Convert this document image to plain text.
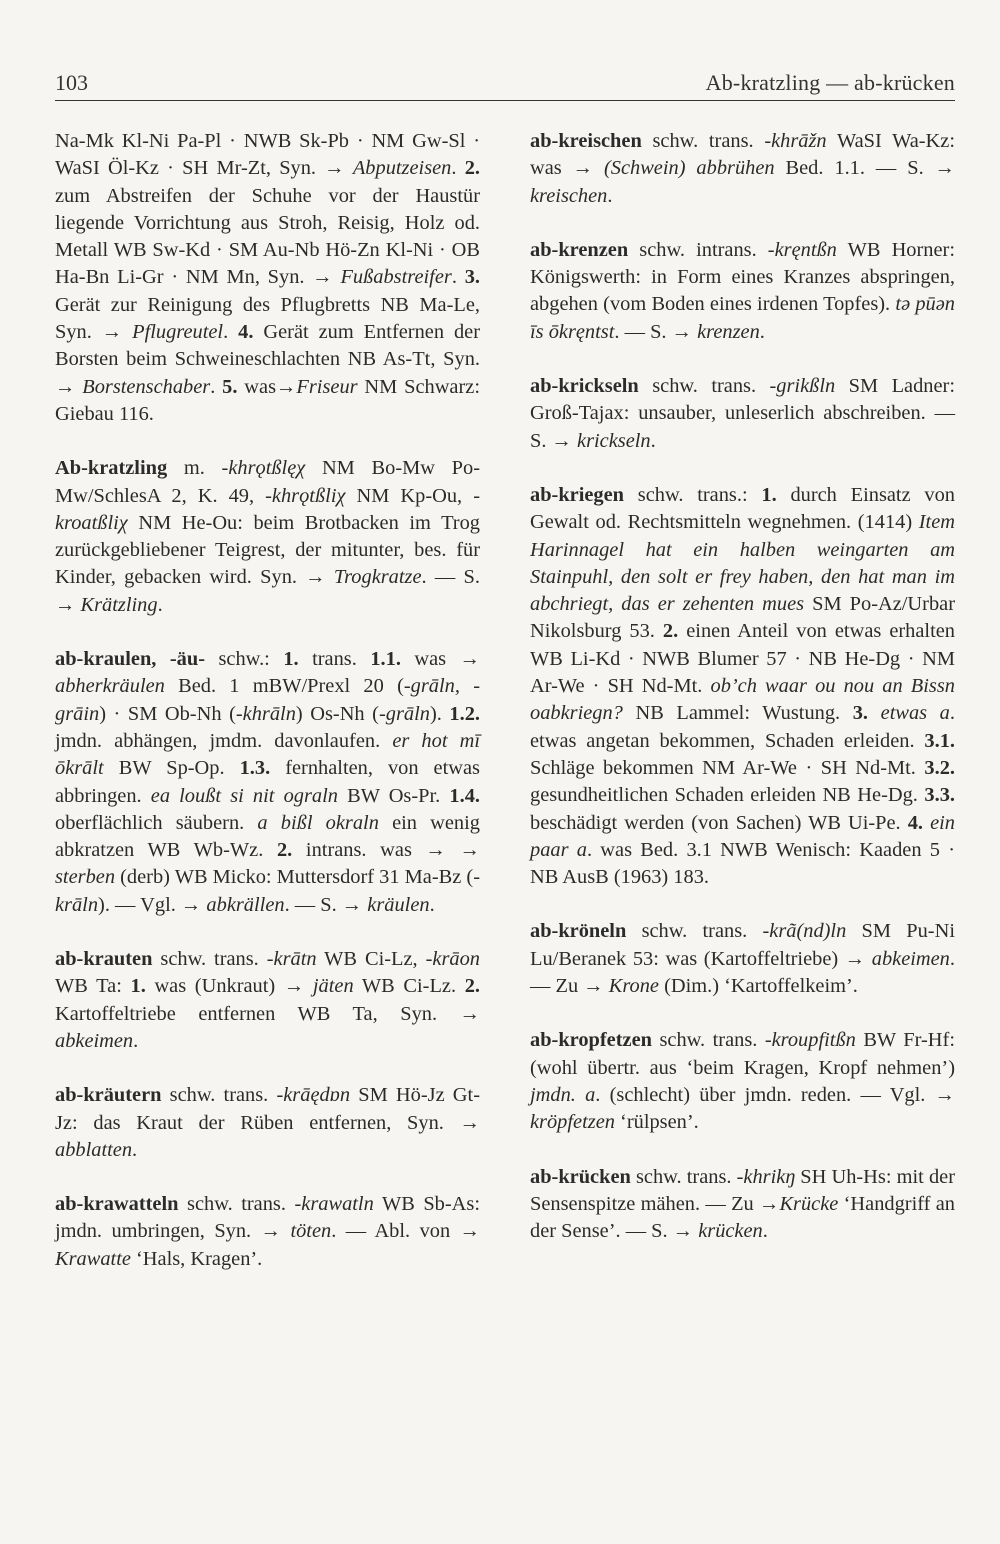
103	Ab-kratzling — ab-krücken

Na-Mk Kl-Ni Pa-Pl · NWB Sk-Pb · NM Gw-Sl · WaSI Öl-Kz · SH Mr-Zt, Syn. → Abputzeisen. 2. zum Abstreifen der Schuhe vor der Haustür liegende Vorrichtung aus Stroh, Reisig, Holz od. Metall WB Sw-Kd · SM Au-Nb Hö-Zn Kl-Ni · OB Ha-Bn Li-Gr · NM Mn, Syn. → Fußabstreifer. 3. Gerät zur Reinigung des Pflugbretts NB Ma-Le, Syn. → Pflugreutel. 4. Gerät zum Entfernen der Borsten beim Schweineschlachten NB As-Tt, Syn. → Borstenschaber. 5. was→Friseur NM Schwarz: Giebau 116.

Ab-kratzling m. -khrǫtßlęχ NM Bo-Mw Po-Mw/SchlesA 2, K. 49, -khrǫtßliχ NM Kp-Ou, -kroatßliχ NM He-Ou: beim Brotbacken im Trog zurückgebliebener Teigrest, der mitunter, bes. für Kinder, gebacken wird. Syn. → Trogkratze. — S. → Krätzling.

ab-kraulen, -äu- schw.: 1. trans. 1.1. was → abherkräulen Bed. 1 mBW/Prexl 20 (-grāln, -grāin) · SM Ob-Nh (-khrāln) Os-Nh (-grāln). 1.2. jmdn. abhängen, jmdm. davonlaufen. er hot mī ōkrālt BW Sp-Op. 1.3. fernhalten, von etwas abbringen. ea loußt si nit ograln BW Os-Pr. 1.4. oberflächlich säubern. a bißl okraln ein wenig abkratzen WB Wb-Wz. 2. intrans. was → → sterben (derb) WB Micko: Muttersdorf 31 Ma-Bz (-krāln). — Vgl. → abkrällen. — S. → kräulen.

ab-krauten schw. trans. -krātn WB Ci-Lz, -krāon WB Ta: 1. was (Unkraut) → jäten WB Ci-Lz. 2. Kartoffeltriebe entfernen WB Ta, Syn. → abkeimen.

ab-kräutern schw. trans. -krāędɒn SM Hö-Jz Gt-Jz: das Kraut der Rüben entfernen, Syn. → abblatten.

ab-krawatteln schw. trans. -krawatln WB Sb-As: jmdn. umbringen, Syn. → töten. — Abl. von → Krawatte ‘Hals, Kragen’.

ab-kreischen schw. trans. -khrāžn WaSI Wa-Kz: was → (Schwein) abbrühen Bed. 1.1. — S. → kreischen.

ab-krenzen schw. intrans. -kręntßn WB Horner: Königswerth: in Form eines Kranzes abspringen, abgehen (vom Boden eines irdenen Topfes). tə pūən īs ōkręntst. — S. → krenzen.

ab-krickseln schw. trans. -grikßln SM Ladner: Groß-Tajax: unsauber, unleserlich abschreiben. — S. → krickseln.

ab-kriegen schw. trans.: 1. durch Einsatz von Gewalt od. Rechtsmitteln wegnehmen. (1414) Item Harinnagel hat ein halben weingarten am Stainpuhl, den solt er frey haben, den hat man im abchriegt, das er zehenten mues SM Po-Az/Urbar Nikolsburg 53. 2. einen Anteil von etwas erhalten WB Li-Kd · NWB Blumer 57 · NB He-Dg · NM Ar-We · SH Nd-Mt. ob’ch waar ou nou an Bissn oabkriegn? NB Lammel: Wustung. 3. etwas a. etwas angetan bekommen, Schaden erleiden. 3.1. Schläge bekommen NM Ar-We · SH Nd-Mt. 3.2. gesundheitlichen Schaden erleiden NB He-Dg. 3.3. beschädigt werden (von Sachen) WB Ui-Pe. 4. ein paar a. was Bed. 3.1 NWB Wenisch: Kaaden 5 · NB AusB (1963) 183.

ab-kröneln schw. trans. -krã(nd)ln SM Pu-Ni Lu/Beranek 53: was (Kartoffeltriebe) → abkeimen. — Zu → Krone (Dim.) ‘Kartoffelkeim’.

ab-kropfetzen schw. trans. -kroupfitßn BW Fr-Hf: (wohl übertr. aus ‘beim Kragen, Kropf nehmen’) jmdn. a. (schlecht) über jmdn. reden. — Vgl. → kröpfetzen ‘rülpsen’.

ab-krücken schw. trans. -khrikŋ SH Uh-Hs: mit der Sensenspitze mähen. — Zu →Krücke ‘Handgriff an der Sense’. — S. → krücken.
